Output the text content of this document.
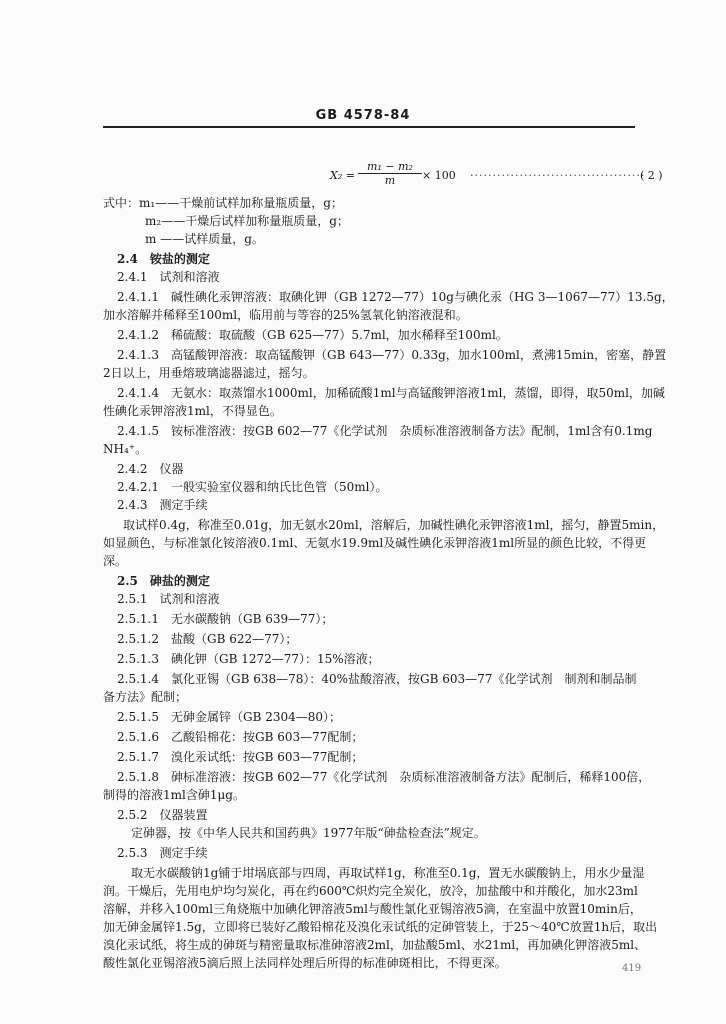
GB 4578-84
$X_2 = \frac{\text{m₁ − m₂}}{m} \times 100$ ·······································
( 2 )
式中：m₁——干燥前试样加称量瓶质量，g；
m₂——干燥后试样加称量瓶质量，g；
m ——试样质量，g。
2.4　铵盐的测定
2.4.1　试剂和溶液
2.4.1.1　碱性碘化汞钾溶液：取碘化钾（GB 1272—77）10g与碘化汞（HG 3—1067—77）13.5g，
加水溶解并稀释至100ml，临用前与等容的25%氢氧化钠溶液混和。
2.4.1.2　稀硫酸：取硫酸（GB 625—77）5.7ml，加水稀释至100ml。
2.4.1.3　高锰酸钾溶液：取高锰酸钾（GB 643—77）0.33g，加水100ml，煮沸15min，密塞，静置
2日以上，用垂熔玻璃滤器滤过，摇匀。
2.4.1.4　无氨水：取蒸馏水1000ml，加稀硫酸1ml与高锰酸钾溶液1ml，蒸馏，即得，取50ml，加碱
性碘化汞钾溶液1ml，不得显色。
2.4.1.5　铵标准溶液：按GB 602—77《化学试剂　杂质标准溶液制备方法》配制，1ml含有0.1mg
NH₄⁺。
2.4.2　仪器
2.4.2.1　一般实验室仪器和纳氏比色管（50ml）。
2.4.3　测定手续
取试样0.4g，称准至0.01g，加无氨水20ml，溶解后，加碱性碘化汞钾溶液1ml，摇匀，静置5min，
如显颜色，与标准氯化铵溶液0.1ml、无氨水19.9ml及碱性碘化汞钾溶液1ml所显的颜色比较，不得更
深。
2.5　砷盐的测定
2.5.1　试剂和溶液
2.5.1.1　无水碳酸钠（GB 639—77）；
2.5.1.2　盐酸（GB 622—77）；
2.5.1.3　碘化钾（GB 1272—77）：15%溶液；
2.5.1.4　氯化亚锡（GB 638—78）：40%盐酸溶液，按GB 603—77《化学试剂　制剂和制品制
备方法》配制；
2.5.1.5　无砷金属锌（GB 2304—80）；
2.5.1.6　乙酸铅棉花：按GB 603—77配制；
2.5.1.7　溴化汞试纸：按GB 603—77配制；
2.5.1.8　砷标准溶液：按GB 602—77《化学试剂　杂质标准溶液制备方法》配制后，稀释100倍，
制得的溶液1ml含砷1μg。
2.5.2　仪器装置
定砷器，按《中华人民共和国药典》1977年版“砷盐检查法”规定。
2.5.3　测定手续
取无水碳酸钠1g铺于坩埚底部与四周，再取试样1g，称准至0.1g，置无水碳酸钠上，用水少量湿
润。干燥后，先用电炉均匀炭化，再在约600℃炽灼完全炭化，放冷，加盐酸中和并酸化，加水23ml
溶解，并移入100ml三角烧瓶中加碘化钾溶液5ml与酸性氯化亚锡溶液5滴，在室温中放置10min后，
加无砷金属锌1.5g，立即将已装好乙酸铅棉花及溴化汞试纸的定砷管装上，于25～40℃放置1h后，取出
溴化汞试纸，将生成的砷斑与精密量取标准砷溶液2ml，加盐酸5ml、水21ml，再加碘化钾溶液5ml、
酸性氯化亚锡溶液5滴后照上法同样处理后所得的标准砷斑相比，不得更深。	419
